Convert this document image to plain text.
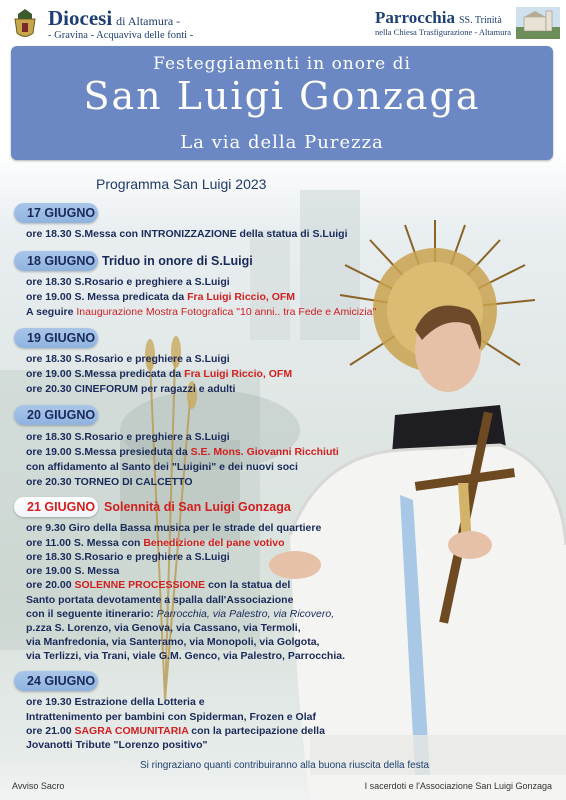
Diocesi di Altamura -
- Gravina - Acquaviva delle fonti -
Parrocchia SS. Trinità
nella Chiesa Trasfigurazione - Altamura
Festeggiamenti in onore di
San Luigi Gonzaga
La via della Purezza
Programma San Luigi 2023
17 GIUGNO
ore 18.30 S.Messa con INTRONIZZAZIONE della statua di S.Luigi
18 GIUGNO Triduo in onore di S.Luigi
ore 18.30 S.Rosario e preghiere a S.Luigi
ore 19.00 S. Messa predicata da Fra Luigi Riccio, OFM
A seguire Inaugurazione Mostra Fotografica "10 anni.. tra Fede e Amicizia"
19 GIUGNO
ore 18.30 S.Rosario e preghiere a S.Luigi
ore 19.00 S.Messa predicata da Fra Luigi Riccio, OFM
ore 20.30 CINEFORUM per ragazzi e adulti
20 GIUGNO
ore 18.30 S.Rosario e preghiere a S.Luigi
ore 19.00 S.Messa presieduta da S.E. Mons. Giovanni Ricchiuti
con affidamento al Santo dei "Luigini" e dei nuovi soci
ore 20.30 TORNEO DI CALCETTO
21 GIUGNO Solennità di San Luigi Gonzaga
ore 9.30 Giro della Bassa musica per le strade del quartiere
ore 11.00 S. Messa con Benedizione del pane votivo
ore 18.30 S.Rosario e preghiere a S.Luigi
ore 19.00 S. Messa
ore 20.00 SOLENNE PROCESSIONE con la statua del
Santo portata devotamente a spalla dall'Associazione
con il seguente itinerario: Parrocchia, via Palestro, via Ricovero,
p.zza S. Lorenzo, via Genova, via Cassano, via Termoli,
via Manfredonia, via Santeramo, via Monopoli, via Golgota,
via Terlizzi, via Trani, viale G.M. Genco, via Palestro, Parrocchia.
24 GIUGNO
ore 19.30 Estrazione della Lotteria e
Intrattenimento per bambini con Spiderman, Frozen e Olaf
ore 21.00 SAGRA COMUNITARIA con la partecipazione della
Jovanotti Tribute "Lorenzo positivo"
Si ringraziano quanti contribuiranno alla buona riuscita della festa
Avviso Sacro	I sacerdoti e l'Associazione San Luigi Gonzaga
